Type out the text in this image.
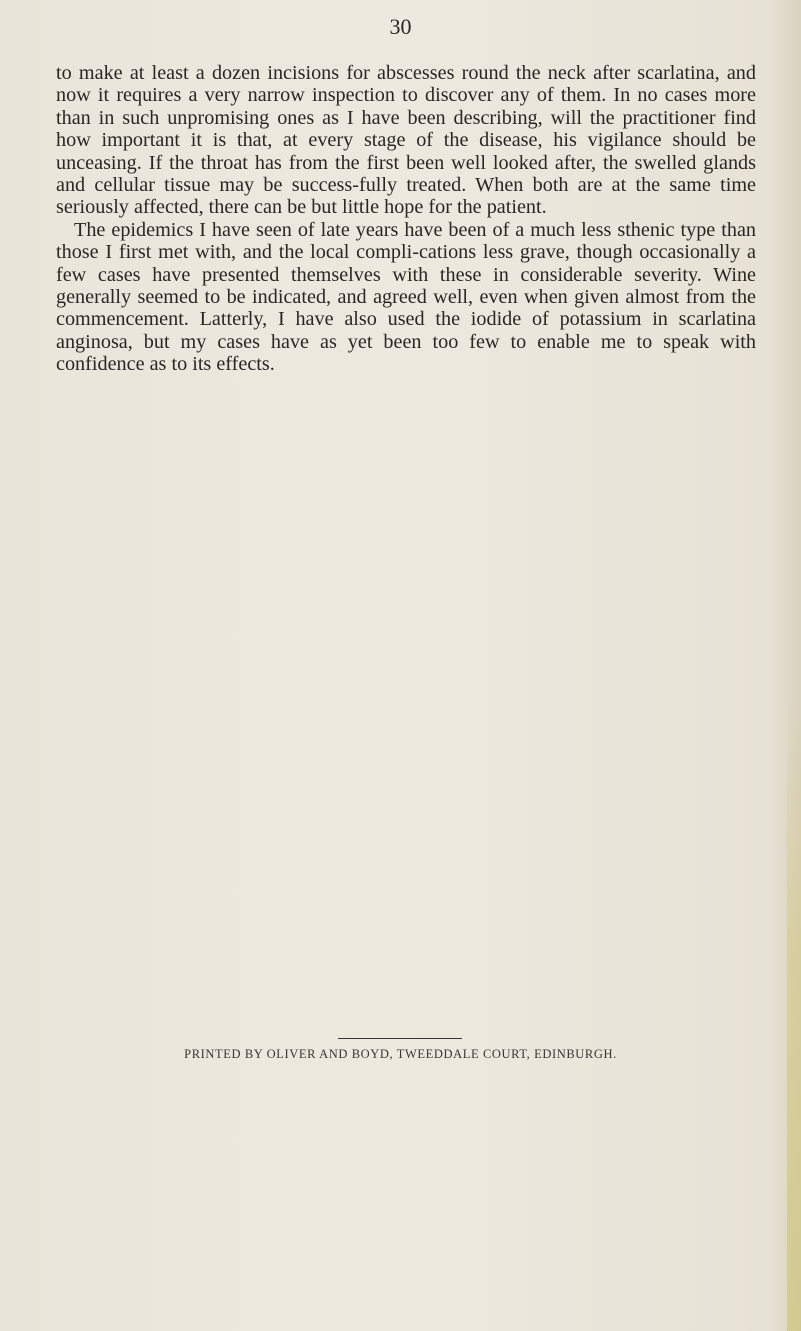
30

to make at least a dozen incisions for abscesses round the neck after scarlatina, and now it requires a very narrow inspection to discover any of them. In no cases more than in such unpromising ones as I have been describing, will the practitioner find how important it is that, at every stage of the disease, his vigilance should be unceasing. If the throat has from the first been well looked after, the swelled glands and cellular tissue may be success-fully treated. When both are at the same time seriously affected, there can be but little hope for the patient.

The epidemics I have seen of late years have been of a much less sthenic type than those I first met with, and the local compli-cations less grave, though occasionally a few cases have presented themselves with these in considerable severity. Wine generally seemed to be indicated, and agreed well, even when given almost from the commencement. Latterly, I have also used the iodide of potassium in scarlatina anginosa, but my cases have as yet been too few to enable me to speak with confidence as to its effects.

PRINTED BY OLIVER AND BOYD, TWEEDDALE COURT, EDINBURGH.
